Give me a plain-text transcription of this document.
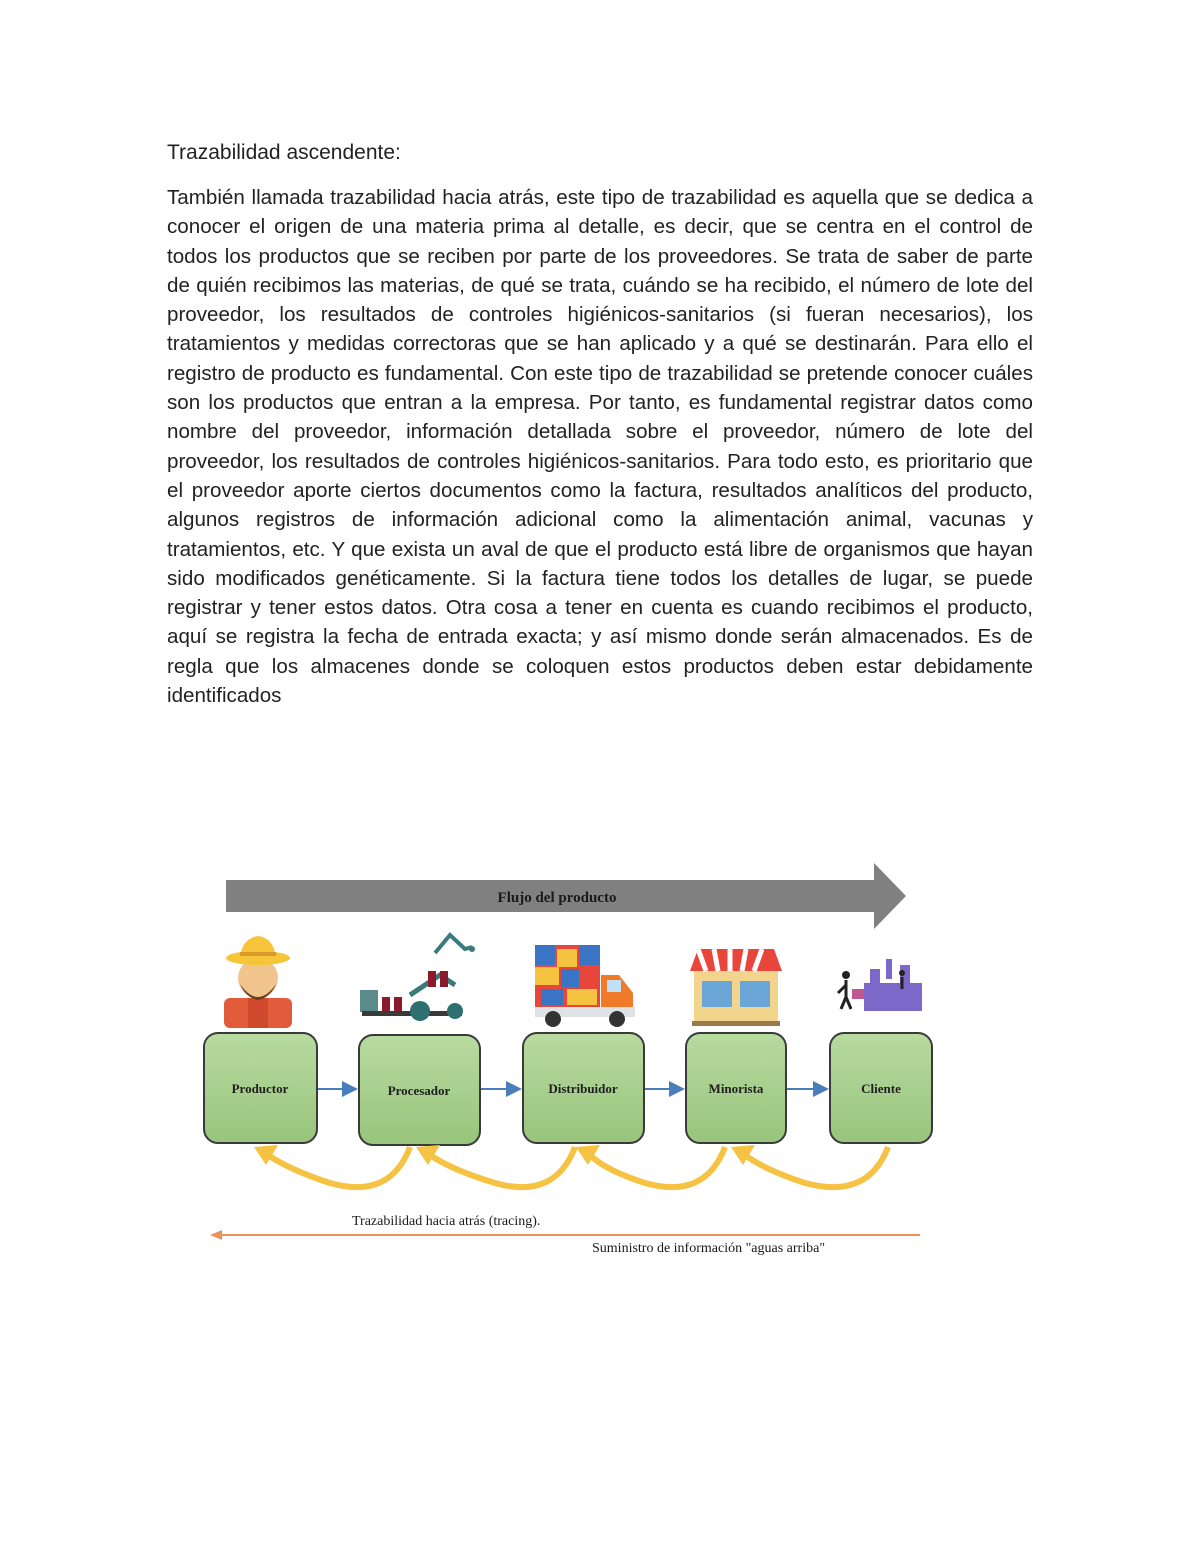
Trazabilidad ascendente:

También llamada trazabilidad hacia atrás, este tipo de trazabilidad es aquella que se dedica a conocer el origen de una materia prima al detalle, es decir, que se centra en el control de todos los productos que se reciben por parte de los proveedores. Se trata de saber de parte de quién recibimos las materias, de qué se trata, cuándo se ha recibido, el número de lote del proveedor, los resultados de controles higiénicos-sanitarios (si fueran necesarios), los tratamientos y medidas correctoras que se han aplicado y a qué se destinarán. Para ello el registro de producto es fundamental. Con este tipo de trazabilidad se pretende conocer cuáles son los productos que entran a la empresa. Por tanto, es fundamental registrar datos como nombre del proveedor, información detallada sobre el proveedor, número de lote del proveedor, los resultados de controles higiénicos-sanitarios. Para todo esto, es prioritario que el proveedor aporte ciertos documentos como la factura, resultados analíticos del producto, algunos registros de información adicional como la alimentación animal, vacunas y tratamientos, etc. Y que exista un aval de que el producto está libre de organismos que hayan sido modificados genéticamente. Si la factura tiene todos los detalles de lugar, se puede registrar y tener estos datos. Otra cosa a tener en cuenta es cuando recibimos el producto, aquí se registra la fecha de entrada exacta; y así mismo donde serán almacenados. Es de regla que los almacenes donde se coloquen estos productos deben estar debidamente identificados

Flujo del producto
Productor	Procesador	Distribuidor	Minorista	Cliente
Trazabilidad hacia atrás (tracing).
Suministro de información "aguas arriba"
